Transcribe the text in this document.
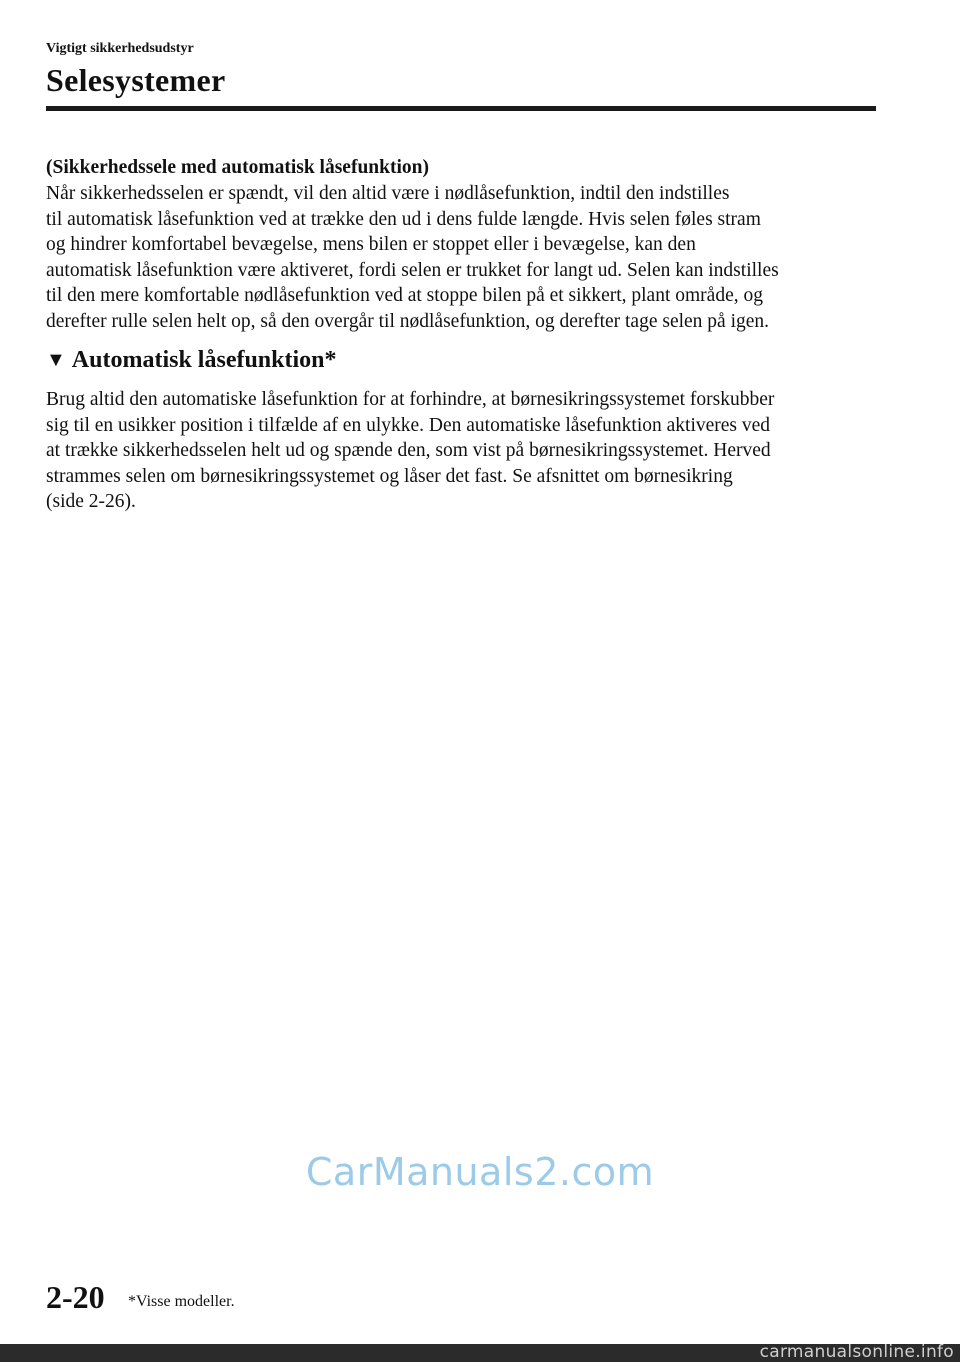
Vigtigt sikkerhedsudstyr
Selesystemer
(Sikkerhedssele med automatisk låsefunktion)
Når sikkerhedsselen er spændt, vil den altid være i nødlåsefunktion, indtil den indstilles
til automatisk låsefunktion ved at trække den ud i dens fulde længde. Hvis selen føles stram
og hindrer komfortabel bevægelse, mens bilen er stoppet eller i bevægelse, kan den
automatisk låsefunktion være aktiveret, fordi selen er trukket for langt ud. Selen kan indstilles
til den mere komfortable nødlåsefunktion ved at stoppe bilen på et sikkert, plant område, og
derefter rulle selen helt op, så den overgår til nødlåsefunktion, og derefter tage selen på igen.
▼ Automatisk låsefunktion*
Brug altid den automatiske låsefunktion for at forhindre, at børnesikringssystemet forskubber
sig til en usikker position i tilfælde af en ulykke. Den automatiske låsefunktion aktiveres ved
at trække sikkerhedsselen helt ud og spænde den, som vist på børnesikringssystemet. Herved
strammes selen om børnesikringssystemet og låser det fast. Se afsnittet om børnesikring
(side 2-26).
CarManuals2.com
2-20 *Visse modeller.
carmanualsonline.info
